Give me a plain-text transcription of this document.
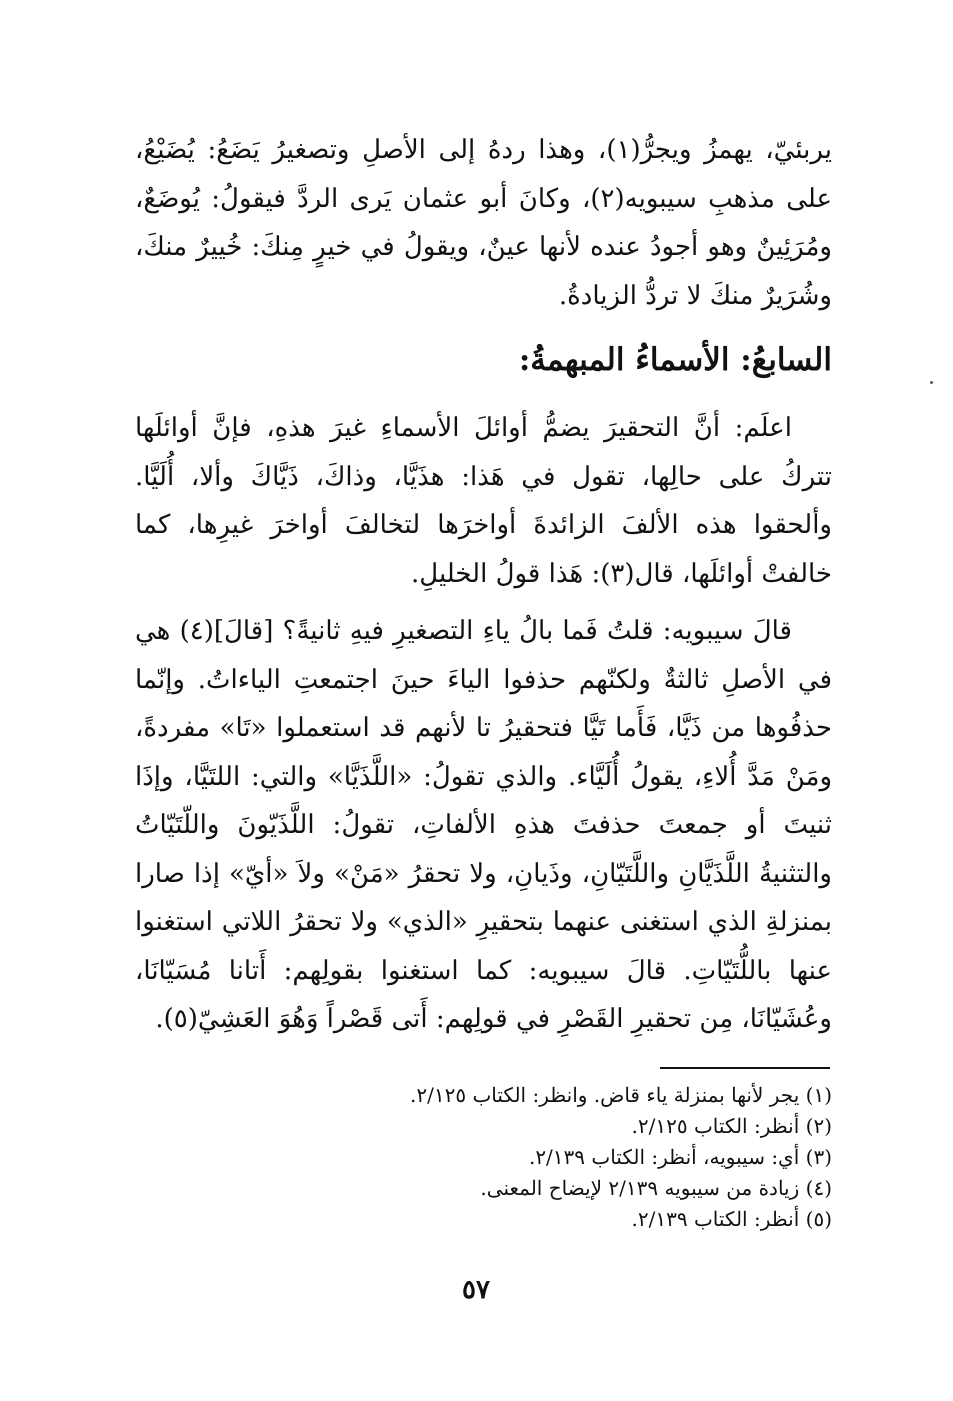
يربئيّ، يهمزُ ويجرُّ(١)، وهذا ردهُ إلى الأصلِ وتصغيرُ يَضَعُ: يُضَيْعُ، على مذهبِ سيبويه(٢)، وكانَ أبو عثمان يَرى الردَّ فيقولُ: يُوضَعٌ، ومُرَئِينٌ وهو أجودُ عنده لأنها عينٌ، ويقولُ في خيرٍ مِنكَ: خُييرٌ منكَ، وشُرَيرٌ منكَ لا تردُّ الزيادةُ.

السابعُ: الأسماءُ المبهمةُ:

اعلَم: أنَّ التحقيرَ يضمُّ أوائلَ الأسماءِ غيرَ هذهِ، فإنَّ أوائلَها تتركُ على حالِها، تقول في هَذا: هذَيَّا، وذاكَ، ذَيَّاكَ وألا، أُلَيَّا. وألحقوا هذه الألفَ الزائدةَ أواخرَها لتخالفَ أواخرَ غيرِها، كما خالفتْ أوائلَها، قال(٣): هَذا قولُ الخليلِ.

قالَ سيبويه: قلتُ فَما بالُ ياءِ التصغيرِ فيهِ ثانيةً؟ [قالَ](٤) هي في الأصلِ ثالثةٌ ولكنّهم حذفوا الياءَ حينَ اجتمعتِ الياءاتُ. وإنّما حذفُوها من ذَيَّا، فَأَما تَيَّا فتحقيرُ تا لأنهم قد استعملوا «تَا» مفردةً، ومَنْ مَدَّ أُلاءِ، يقولُ أُلَيَّاء. والذي تقولُ: «اللَّذَيَّا» والتي: اللتَيَّا، وإذَا ثنيتَ أو جمعتَ حذفتَ هذهِ الألفاتِ، تقولُ: اللَّذَيّونَ واللّتَيّاتُ والتثنيةُ اللَّذَيَّانِ واللَّتَيّانِ، وذَيانِ، ولا تحقرُ «مَنْ» ولاَ «أيّ» إذا صارا بمنزلةِ الذي استغنى عنهما بتحقيرِ «الذي» ولا تحقرُ اللاتي استغنوا عنها باللُّتَيّاتِ. قالَ سيبويه: كما استغنوا بقولِهم: أَتانا مُسَيّانَا، وعُشَيّانَا، مِن تحقيرِ القَصْرِ في قولِهم: أَتى قَصْراً وَهُوَ العَشِيّ(٥).

(١) يجر لأنها بمنزلة ياء قاض. وانظر: الكتاب ٢/١٢٥.
(٢) أنظر: الكتاب ٢/١٢٥.
(٣) أي: سيبويه، أنظر: الكتاب ٢/١٣٩.
(٤) زيادة من سيبويه ٢/١٣٩ لإيضاح المعنى.
(٥) أنظر: الكتاب ٢/١٣٩.
٥٧
